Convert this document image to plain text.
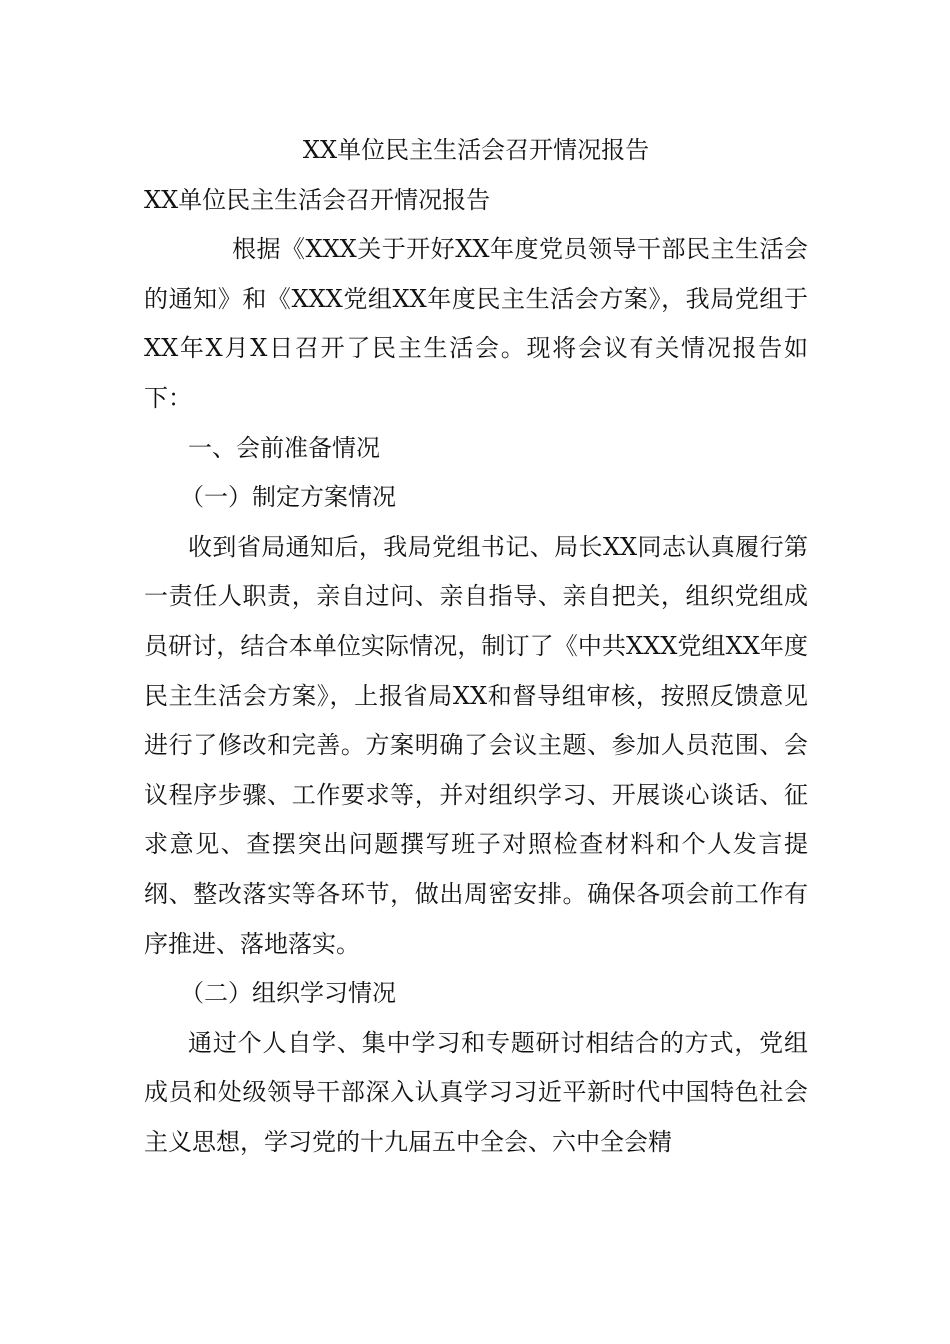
XX单位民主生活会召开情况报告

XX单位民主生活会召开情况报告

根据《XXX关于开好XX年度党员领导干部民主生活会的通知》和《XXX党组XX年度民主生活会方案》，我局党组于XX年X月X日召开了民主生活会。现将会议有关情况报告如下：

一、会前准备情况

（一）制定方案情况

收到省局通知后，我局党组书记、局长XX同志认真履行第一责任人职责，亲自过问、亲自指导、亲自把关，组织党组成员研讨，结合本单位实际情况，制订了《中共XXX党组XX年度民主生活会方案》，上报省局XX和督导组审核，按照反馈意见进行了修改和完善。方案明确了会议主题、参加人员范围、会议程序步骤、工作要求等，并对组织学习、开展谈心谈话、征求意见、查摆突出问题撰写班子对照检查材料和个人发言提纲、整改落实等各环节，做出周密安排。确保各项会前工作有序推进、落地落实。

（二）组织学习情况

通过个人自学、集中学习和专题研讨相结合的方式，党组成员和处级领导干部深入认真学习习近平新时代中国特色社会主义思想，学习党的十九届五中全会、六中全会精
